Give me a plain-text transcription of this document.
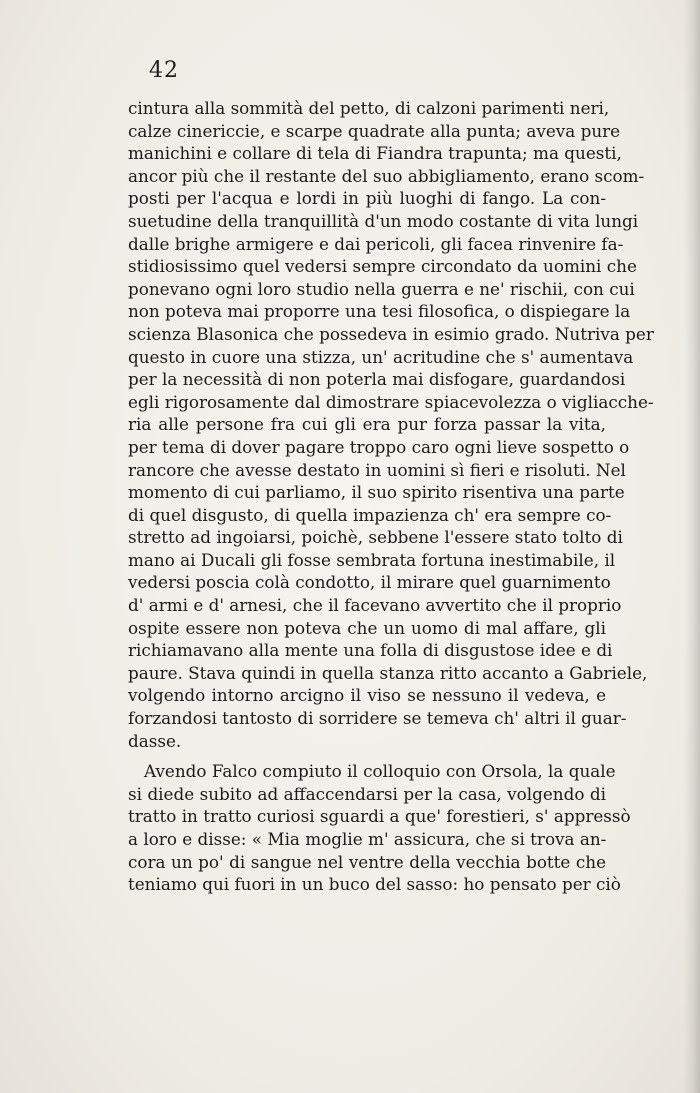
42
cintura alla sommità del petto, di calzoni parimenti neri,
calze cinericcie, e scarpe quadrate alla punta; aveva pure
manichini e collare di tela di Fiandra trapunta; ma questi,
ancor più che il restante del suo abbigliamento, erano scom-
posti per l'acqua e lordi in più luoghi di fango. La con-
suetudine della tranquillità d'un modo costante di vita lungi
dalle brighe armigere e dai pericoli, gli facea rinvenire fa-
stidiosissimo quel vedersi sempre circondato da uomini che
ponevano ogni loro studio nella guerra e ne' rischii, con cui
non poteva mai proporre una tesi filosofica, o dispiegare la
scienza Blasonica che possedeva in esimio grado. Nutriva per
questo in cuore una stizza, un' acritudine che s' aumentava
per la necessità di non poterla mai disfogare, guardandosi
egli rigorosamente dal dimostrare spiacevolezza o vigliacche-
ria alle persone fra cui gli era pur forza passar la vita,
per tema di dover pagare troppo caro ogni lieve sospetto o
rancore che avesse destato in uomini sì fieri e risoluti. Nel
momento di cui parliamo, il suo spirito risentiva una parte
di quel disgusto, di quella impazienza ch' era sempre co-
stretto ad ingoiarsi, poichè, sebbene l'essere stato tolto di
mano ai Ducali gli fosse sembrata fortuna inestimabile, il
vedersi poscia colà condotto, il mirare quel guarnimento
d' armi e d' arnesi, che il facevano avvertito che il proprio
ospite essere non poteva che un uomo di mal affare, gli
richiamavano alla mente una folla di disgustose idee e di
paure. Stava quindi in quella stanza ritto accanto a Gabriele,
volgendo intorno arcigno il viso se nessuno il vedeva, e
forzandosi tantosto di sorridere se temeva ch' altri il guar-
dasse.
Avendo Falco compiuto il colloquio con Orsola, la quale
si diede subito ad affaccendarsi per la casa, volgendo di
tratto in tratto curiosi sguardi a que' forestieri, s' appressò
a loro e disse: « Mia moglie m' assicura, che si trova an-
cora un po' di sangue nel ventre della vecchia botte che
teniamo qui fuori in un buco del sasso: ho pensato per ciò
